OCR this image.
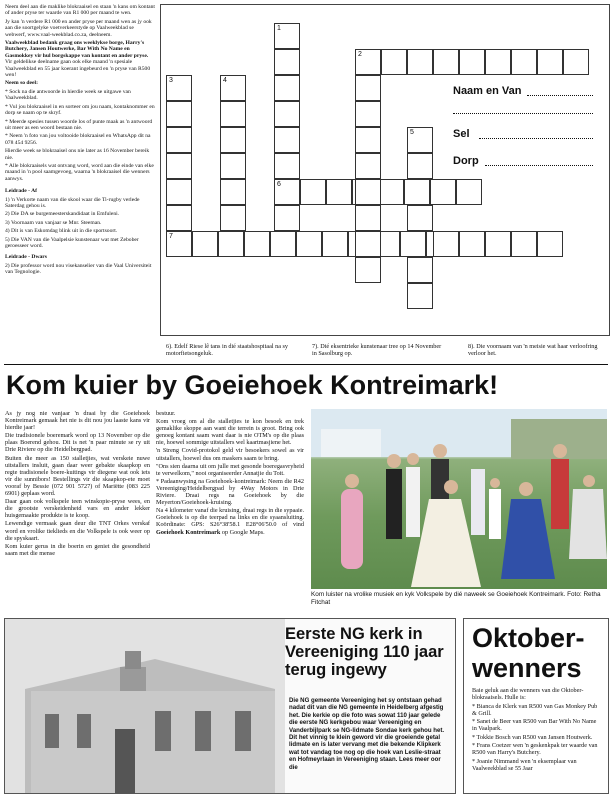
Neem deel aan die maklike blokraaisel en staan 'n kans om kontant of ander pryse ter waarde van R1 000 per maand te wen.

Jy kan 'n verdere R1 000 en ander pryse per maand wen as jy ook aan die soortgelyke voetverkeerstyde op Vaalweekblad se webwerf, www.vaal-weekblad.co.za, deelneem.

Vaalweekblad bedank graag ons weeklykse borge, Harry's Butchery, Jansen Houtwerke, Bar With No Name en Gasmokkey vir hul borgskappe van kontant en ander pryse. Vir geldelikse deelname gaan ook elke maand 'n spesiale Vaalweekblad en 55 jaar koerant ingebeurd en 'n pryse van R500 wen!

Neem so deel:

* Sock na die antwoorde in hierdie week se uitgawe van Vaalweekblad.

* Vul jou blokraaisel in en sorteer om jou naam, kontaknommer en dorp se naam op te skryf.

* Meerde spesies tussen woorde los of punte maak as 'n antwoord uit meer as een woord bestaan nie.

* Neem 'n foto van jou voltooide blokraaisel en WhatsApp dit na 078 454 9256.

Hierdie week se blokraaisel ons nie later as 16 November bereik nie.

* Alle blokraaisels wat ontvang word, word aan die einde van elke maand in 'n pool saamgevoeg, waarna 'n blokraaisel die wenners aanwys.

Leidrade - Af

1) 'n Verkorte naam van die skool waar die Ti-rugby verlede Saterdag gehou is.

2) Die DA se burgemeesterskandidaat in Emfuleni.

3) Voornaam van vanjaar se Mnr. Steeman.

4) Dit is van Eskomdag blink uit in die sportsoort.

5) Die VAN van die Vaalpelsie kunstenaar wat met Zebober geroesseer word.

Leidrade - Dwars

2) Die professor word nou visekanselier van die Vaal Universiteit van Tegnologie.

1
6
2
3	4
5
7
Naam en Van
Sel
Dorp
6). Edelf Riese lê tans in dié staatshospitaal na sy motorfietsongeluk.
7). Dié eksentrieke kunstenaar tree op 14 November in Sasolburg op.
8). Die voornaam van 'n meisie wat haar verloofring verloor het.
Kom kuier by Goeiehoek Kontreimark!

As jy nog nie vanjaar 'n draai by die Goeiehoek Kontreimark gemaak het nie is dit nou jou laaste kans vir hierdie jaar!

Die tradisionele boeremark word op 13 November op die plaas Boerend gehou. Dit is net 'n paar minute se ry uit Drie Riviere op die Heidelbergpad.

Buiten die meer as 150 stalletjies, wat verskeie nuwe uitstallers insluit, gaan daar weer gebakte skaapkop en regte tradisionele boere-kuitings vir diegene wat ook iets vir die sunnibors! Bestellings vir die skaapkop-ete moet vooraf by Bessie (072 901 5727) of Mariëtte (083 225 6901) geplaas word.

Daar gaan ook volkspele teen winskopie-pryse wees, en die grootste verskeidenheid vars en ander lekker huisgemaakte produkte is te koop.

Lewendige vermaak gaan deur die TNT Orkes verskaf word en vrolike tieklieds en die Volkspele is ook weer op die spyskaart.

Kom kuier gerus in die boerin en geniet die gesondheid saam met die mense

bestuur.

Kom vroeg om al die stalletjies te kon besoek en trek gemaklike skoppe aan want die terrein is groot. Bring ook genoeg kontant saam want daar is nie OTM's op die plaas nie, hoewel sommige uitstallers wel kaartmasjiene het.

'n Streng Covid-protokol geld vir besoekers sowel as vir uitstallers, hoewel dus om maskers saam te bring.

"Ons sien daarna uit om julle met gesonde boeregasvryheid te verwelkom," nooi organiseerder Annatjie du Toit.

* Padaanwysing na Goeiehoek-kontreimark: Neem die R42 Vereeniging/Heidelbergpad by 4Way Motors in Drie Riviere. Draai regs na Goeiehoek by die Meyerton/Goeiehoek-kruising.

Na 4 kilometer vanaf die kruising, draai regs in die sypaaie. Goeiehoek is op die teerpad na links en die syaansluiting. Koördinate: GPS: S26°38'58.1 E28°06'50.0 of vind Goeiehoek Kontreimark op Google Maps.

Kom luister na vrolike musiek en kyk Volkspele by dié naweek se Goeiehoek Kontreimark. Foto: Retha Fitchat
Eerste NG kerk in Vereeniging 110 jaar terug ingewy
Die NG gemeente Vereeniging het sy ontstaan gehad nadat dit van die NG gemeente in Heidelberg afgestig het. Die kerkie op die foto was sowat 110 jaar gelede die eerste NG kerkgebou waar Vereeniging en Vanderbijlpark se NG-lidmate Sondae kerk gehou het. Dit het vinnig te klein geword vir die groeiende getal lidmate en is later vervang met die bekende Klipkerk wat tot vandag toe nog op die hoek van Leslie-straat en Hofmeyrlaan in Vereeniging staan. Lees meer oor die
Oktober-wenners

Baie geluk aan die wenners van die Oktober-blokraaisels. Hulle is:

* Bianca de Klerk van R500 van Gas Monkey Pub & Grill.

* Sanet de Beer van R500 van Bar With No Name in Vaalpark.

* Tokkie Bosch van R500 van Jansen Houtwerk.

* Frans Coetzer wen 'n geskenkpak ter waarde van R500 van Harry's Butchery.

* Joanie Nimmand wen 'n eksemplaar van Vaalweekblad se 55 Jaar
